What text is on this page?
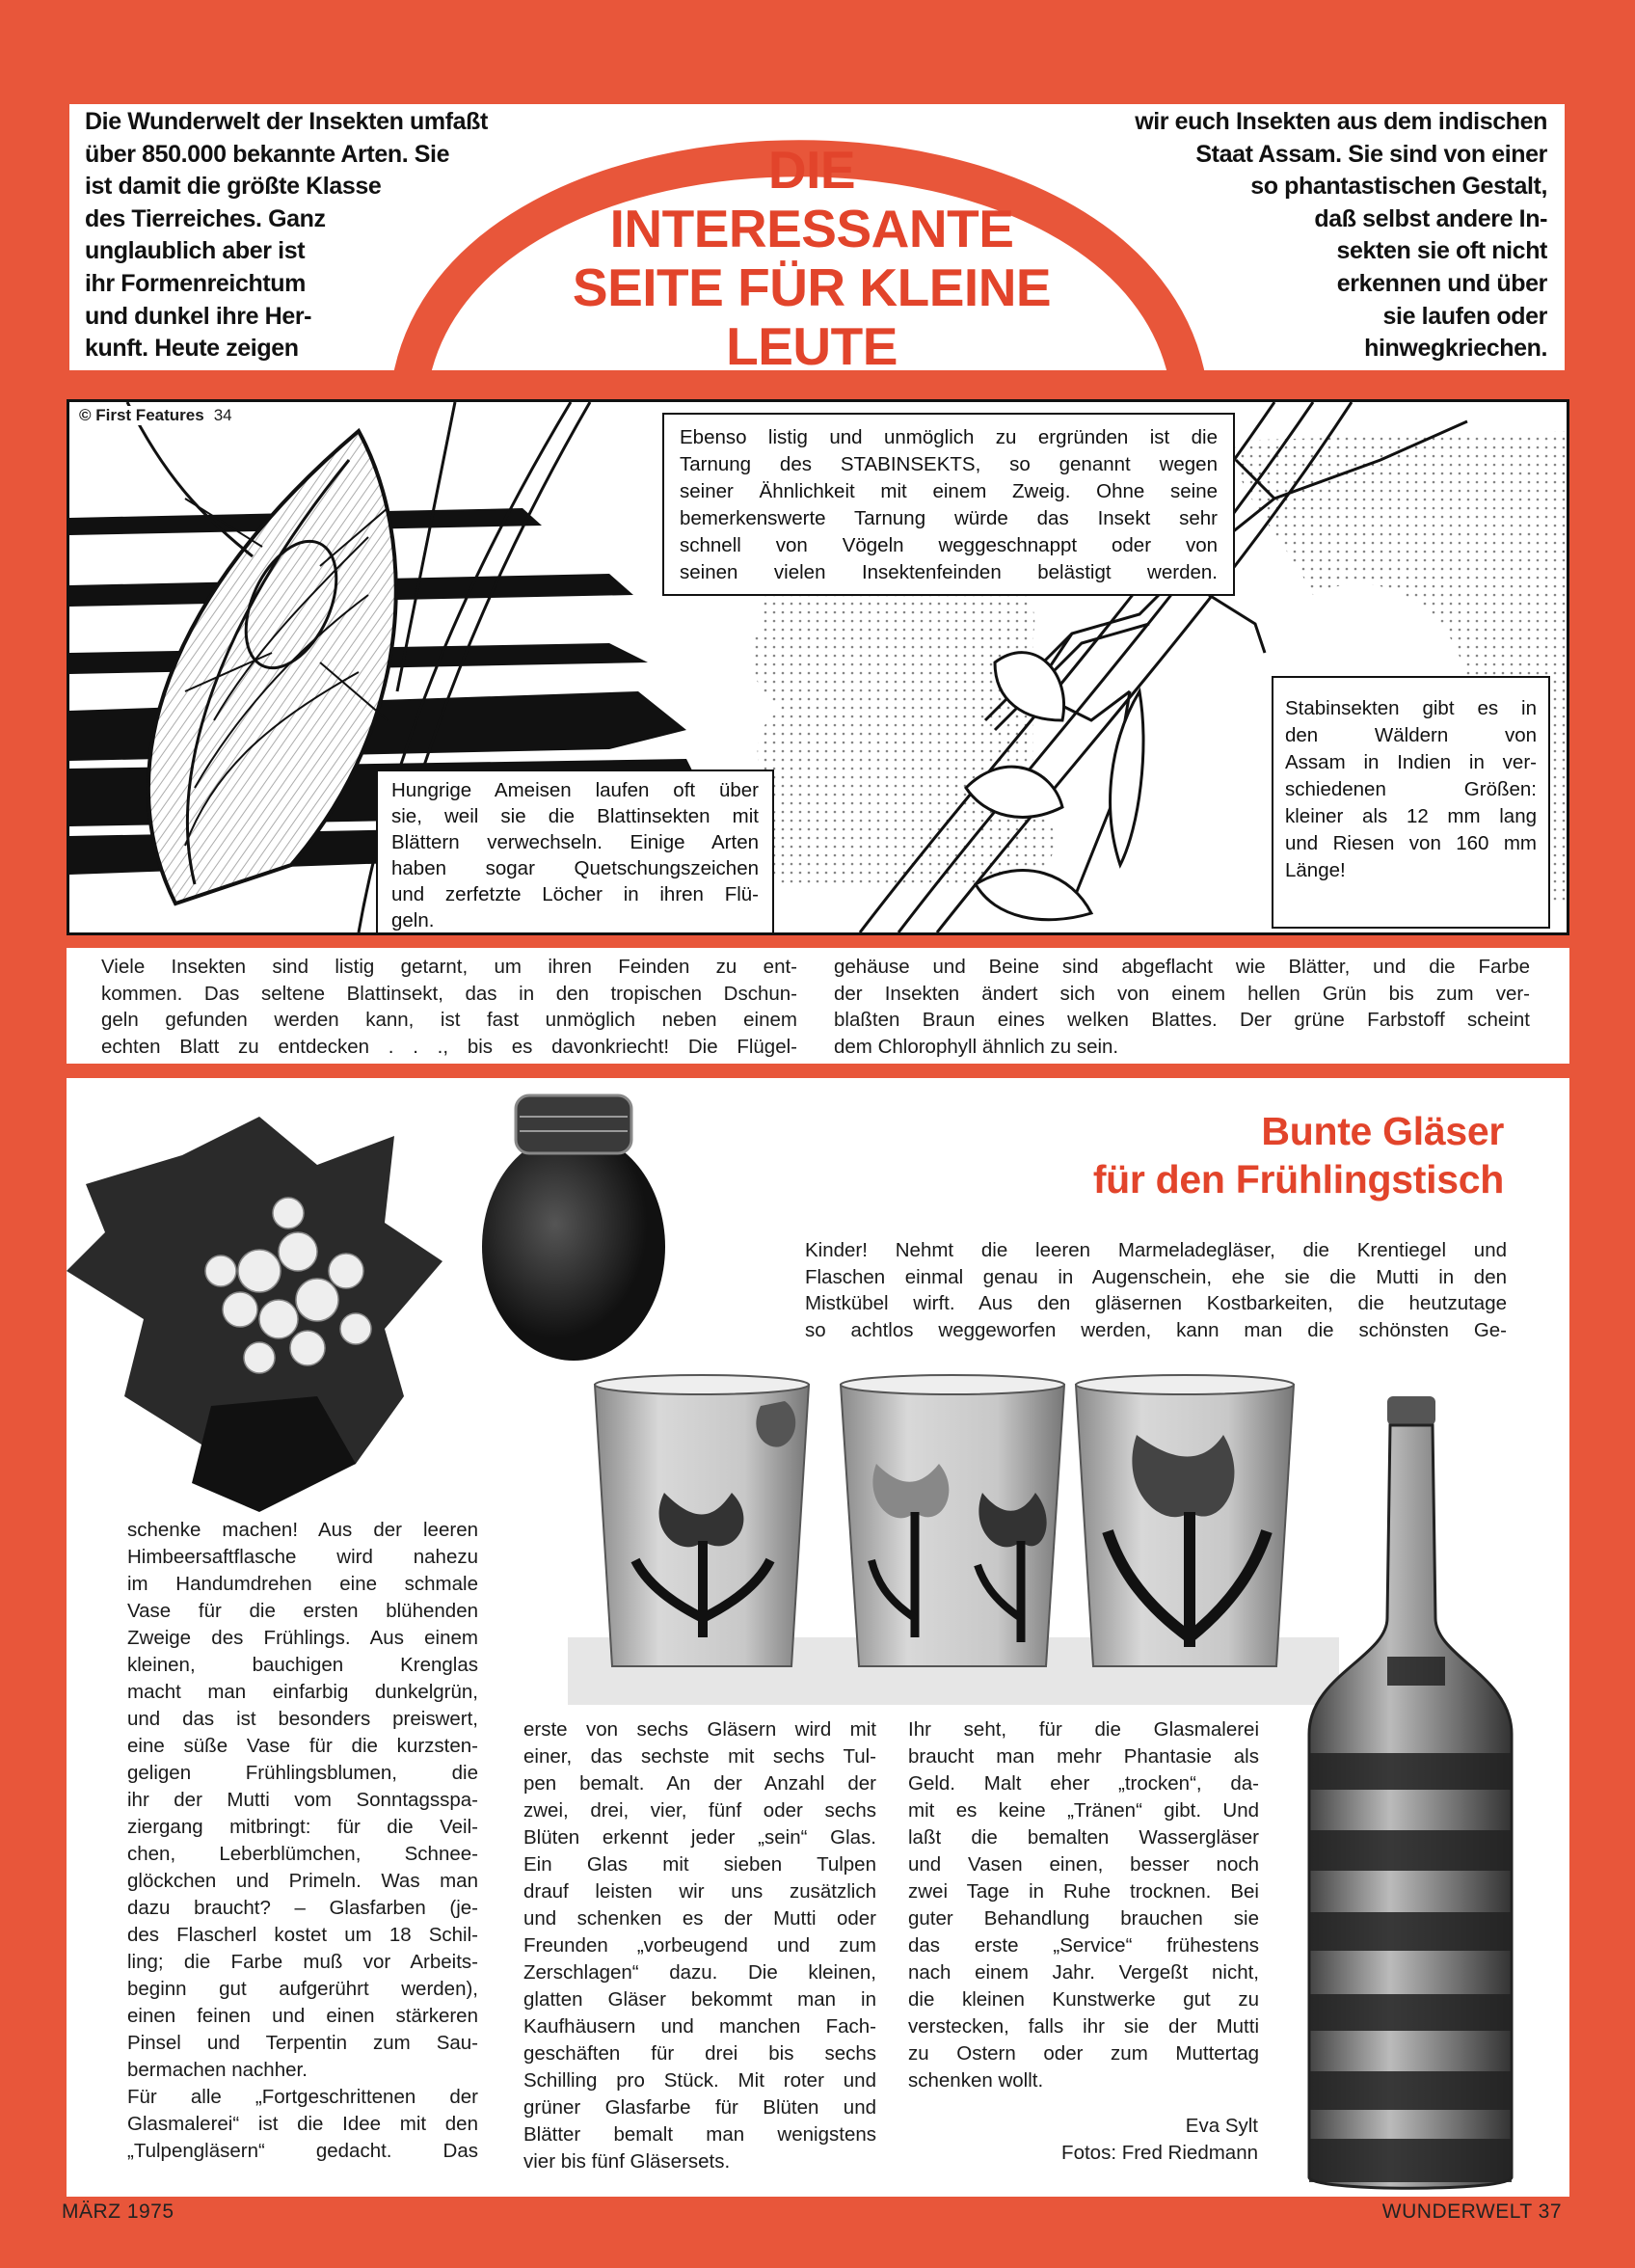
Die Wunderwelt der Insekten umfaßt
über 850.000 bekannte Arten. Sie
ist damit die größte Klasse
des Tierreiches. Ganz
unglaublich aber ist
ihr Formenreichtum
und dunkel ihre Her-
kunft. Heute zeigen
DIE
INTERESSANTE
SEITE FÜR KLEINE
LEUTE
wir euch Insekten aus dem indischen
Staat Assam. Sie sind von einer
so phantastischen Gestalt,
daß selbst andere In-
sekten sie oft nicht
erkennen und über
sie laufen oder
hinwegkriechen.
© First Features 34
Ebenso listig und unmöglich zu ergründen ist die
Tarnung des STABINSEKTS, so genannt wegen
seiner Ähnlichkeit mit einem Zweig. Ohne seine
bemerkenswerte Tarnung würde das Insekt sehr
schnell von Vögeln weggeschnappt oder von
seinen vielen Insektenfeinden belästigt werden.
Hungrige Ameisen laufen oft über
sie, weil sie die Blattinsekten mit
Blättern verwechseln. Einige Arten
haben sogar Quetschungszeichen
und zerfetzte Löcher in ihren Flü-
geln.
Stabinsekten gibt es in
den Wäldern von
Assam in Indien in ver-
schiedenen Größen:
kleiner als 12 mm lang
und Riesen von 160 mm
Länge!
Viele Insekten sind listig getarnt, um ihren Feinden zu ent-
kommen. Das seltene Blattinsekt, das in den tropischen Dschun-
geln gefunden werden kann, ist fast unmöglich neben einem
echten Blatt zu entdecken . . ., bis es davonkriecht! Die Flügel-
gehäuse und Beine sind abgeflacht wie Blätter, und die Farbe
der Insekten ändert sich von einem hellen Grün bis zum ver-
blaßten Braun eines welken Blattes. Der grüne Farbstoff scheint
dem Chlorophyll ähnlich zu sein.
Bunte Gläser
für den Frühlingstisch
Kinder! Nehmt die leeren Marmeladegläser, die Krentiegel und
Flaschen einmal genau in Augenschein, ehe sie die Mutti in den
Mistkübel wirft. Aus den gläsernen Kostbarkeiten, die heutzutage
so achtlos weggeworfen werden, kann man die schönsten Ge-
schenke machen! Aus der leeren
Himbeersaftflasche wird nahezu
im Handumdrehen eine schmale
Vase für die ersten blühenden
Zweige des Frühlings. Aus einem
kleinen, bauchigen Krenglas
macht man einfarbig dunkelgrün,
und das ist besonders preiswert,
eine süße Vase für die kurzsten-
geligen Frühlingsblumen, die
ihr der Mutti vom Sonntagsspa-
ziergang mitbringt: für die Veil-
chen, Leberblümchen, Schnee-
glöckchen und Primeln. Was man
dazu braucht? – Glasfarben (je-
des Flascherl kostet um 18 Schil-
ling; die Farbe muß vor Arbeits-
beginn gut aufgerührt werden),
einen feinen und einen stärkeren
Pinsel und Terpentin zum Sau-
bermachen nachher.
Für alle „Fortgeschrittenen der
Glasmalerei“ ist die Idee mit den
„Tulpengläsern“ gedacht. Das
erste von sechs Gläsern wird mit
einer, das sechste mit sechs Tul-
pen bemalt. An der Anzahl der
zwei, drei, vier, fünf oder sechs
Blüten erkennt jeder „sein“ Glas.
Ein Glas mit sieben Tulpen
drauf leisten wir uns zusätzlich
und schenken es der Mutti oder
Freunden „vorbeugend und zum
Zerschlagen“ dazu. Die kleinen,
glatten Gläser bekommt man in
Kaufhäusern und manchen Fach-
geschäften für drei bis sechs
Schilling pro Stück. Mit roter und
grüner Glasfarbe für Blüten und
Blätter bemalt man wenigstens
vier bis fünf Gläsersets.
Ihr seht, für die Glasmalerei
braucht man mehr Phantasie als
Geld. Malt eher „trocken“, da-
mit es keine „Tränen“ gibt. Und
laßt die bemalten Wassergläser
und Vasen einen, besser noch
zwei Tage in Ruhe trocknen. Bei
guter Behandlung brauchen sie
das erste „Service“ frühestens
nach einem Jahr. Vergeßt nicht,
die kleinen Kunstwerke gut zu
verstecken, falls ihr sie der Mutti
zu Ostern oder zum Muttertag
schenken wollt.
Eva Sylt
Fotos: Fred Riedmann
MÄRZ 1975	WUNDERWELT 37
